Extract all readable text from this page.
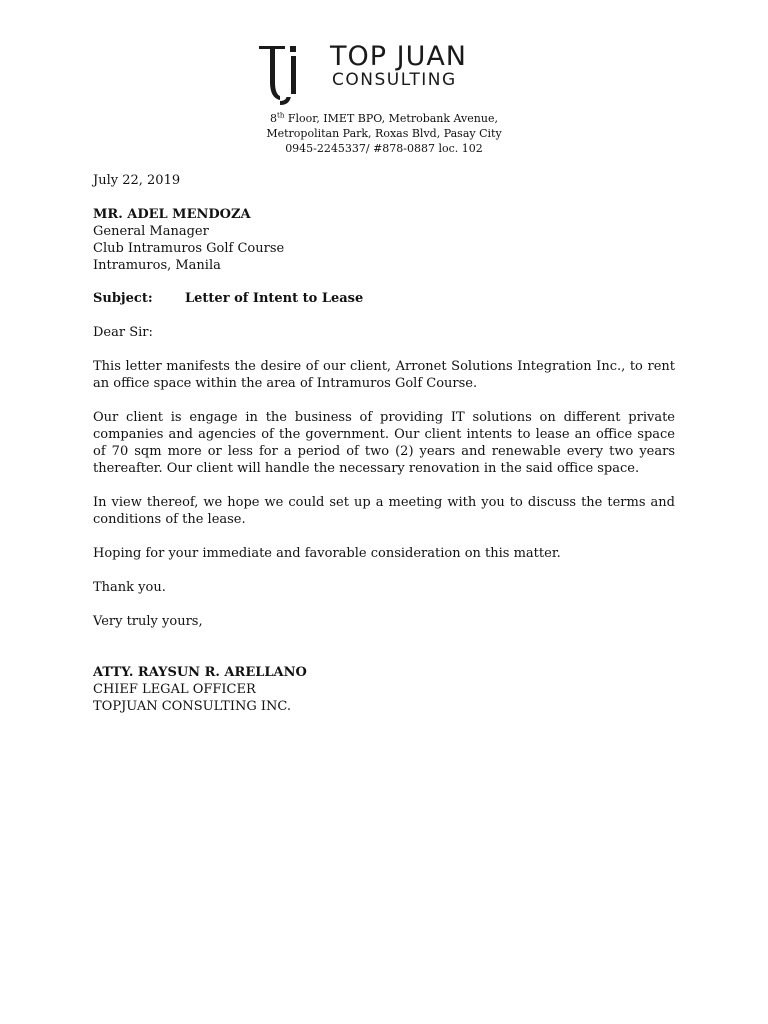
TOP JUAN
CONSULTING
8th Floor, IMET BPO, Metrobank Avenue,
Metropolitan Park, Roxas Blvd, Pasay City
0945-2245337/ #878-0887 loc. 102

July 22, 2019

MR. ADEL MENDOZA

General Manager

Club Intramuros Golf Course

Intramuros, Manila

Subject:	Letter of Intent to Lease

Dear Sir:

This letter manifests the desire of our client, Arronet Solutions Integration Inc., to rent an office space within the area of Intramuros Golf Course.

Our client is engage in the business of providing IT solutions on different private companies and agencies of the government. Our client intents to lease an office space of 70 sqm more or less for a period of two (2) years and renewable every two years thereafter. Our client will handle the necessary renovation in the said office space.

In view thereof, we hope we could set up a meeting with you to discuss the terms and conditions of the lease.

Hoping for your immediate and favorable consideration on this matter.

Thank you.

Very truly yours,

ATTY. RAYSUN R. ARELLANO

CHIEF LEGAL OFFICER

TOPJUAN CONSULTING INC.
